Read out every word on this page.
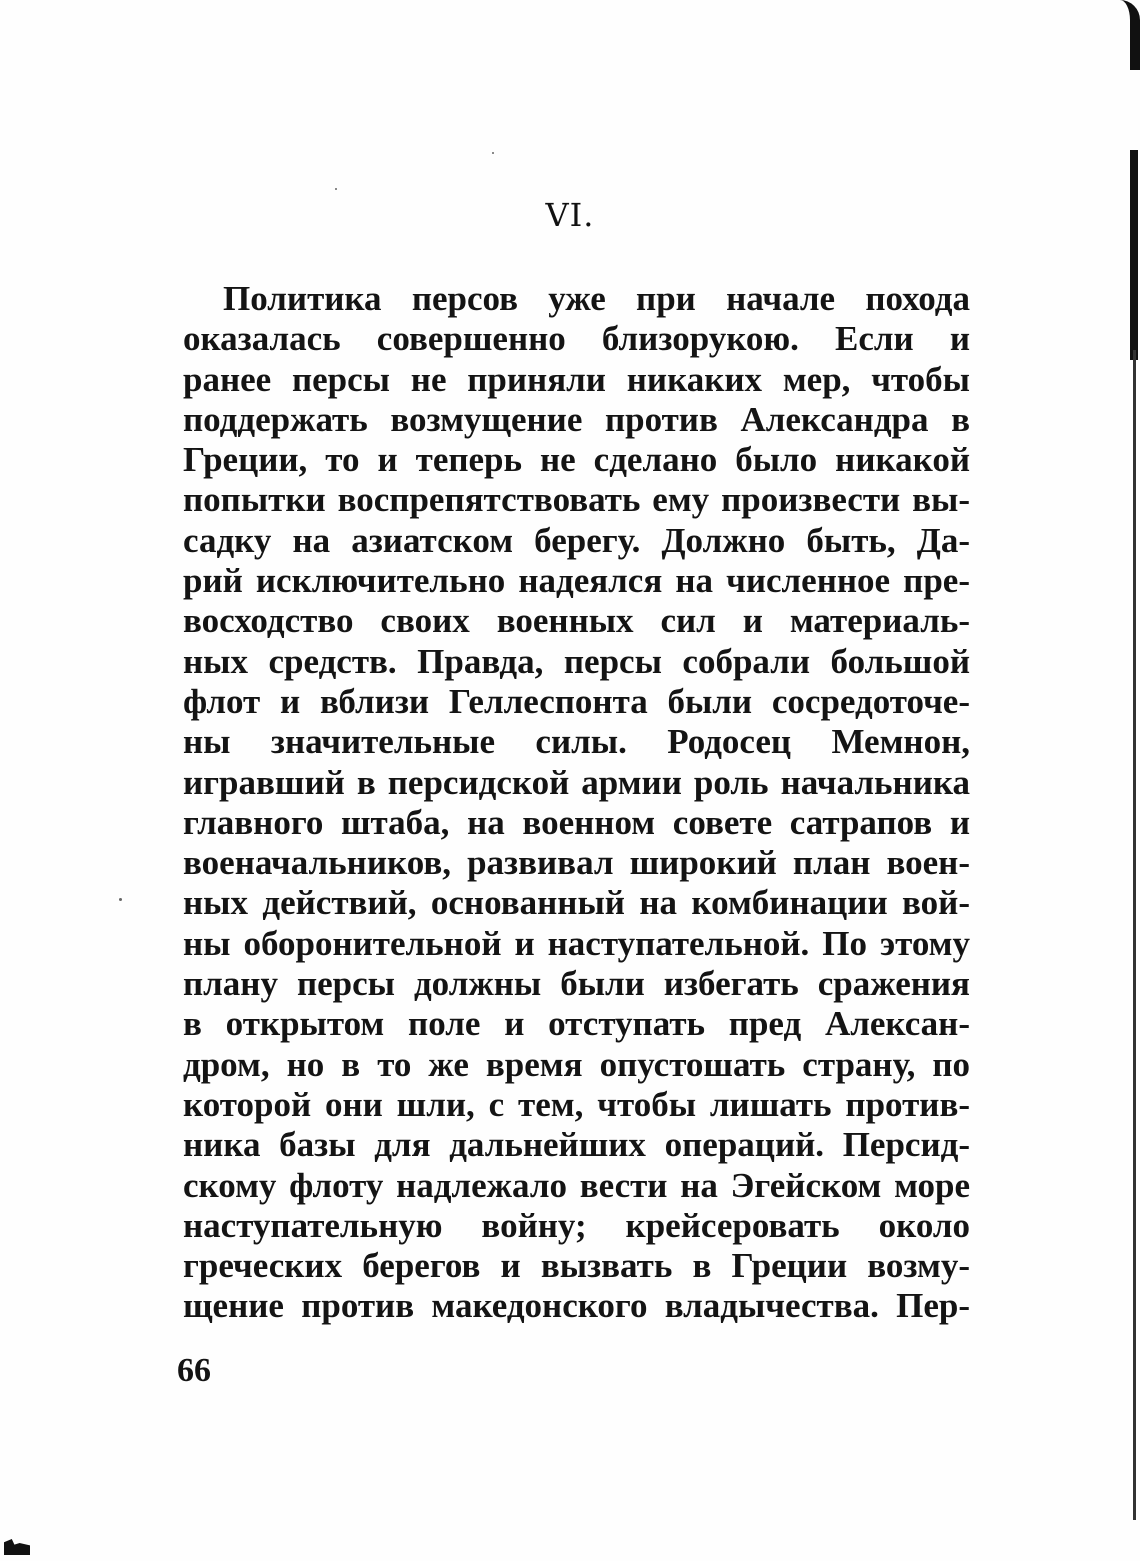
VI.
Политика персов уже при начале похода
оказалась совершенно близорукою. Если и
ранее персы не приняли никаких мер, чтобы
поддержать возмущение против Александра в
Греции, то и теперь не сделано было никакой
попытки воспрепятствовать ему произвести вы-
садку на азиатском берегу. Должно быть, Да-
рий исключительно надеялся на численное пре-
восходство своих военных сил и материаль-
ных средств. Правда, персы собрали большой
флот и вблизи Геллеспонта были сосредоточе-
ны значительные силы. Родосец Мемнон,
игравший в персидской армии роль начальника
главного штаба, на военном совете сатрапов и
военачальников, развивал широкий план воен-
ных действий, основанный на комбинации вой-
ны оборонительной и наступательной. По этому
плану персы должны были избегать сражения
в открытом поле и отступать пред Алексан-
дром, но в то же время опустошать страну, по
которой они шли, с тем, чтобы лишать против-
ника базы для дальнейших операций. Персид-
скому флоту надлежало вести на Эгейском море
наступательную войну; крейсеровать около
греческих берегов и вызвать в Греции возму-
щение против македонского владычества. Пер-
66
